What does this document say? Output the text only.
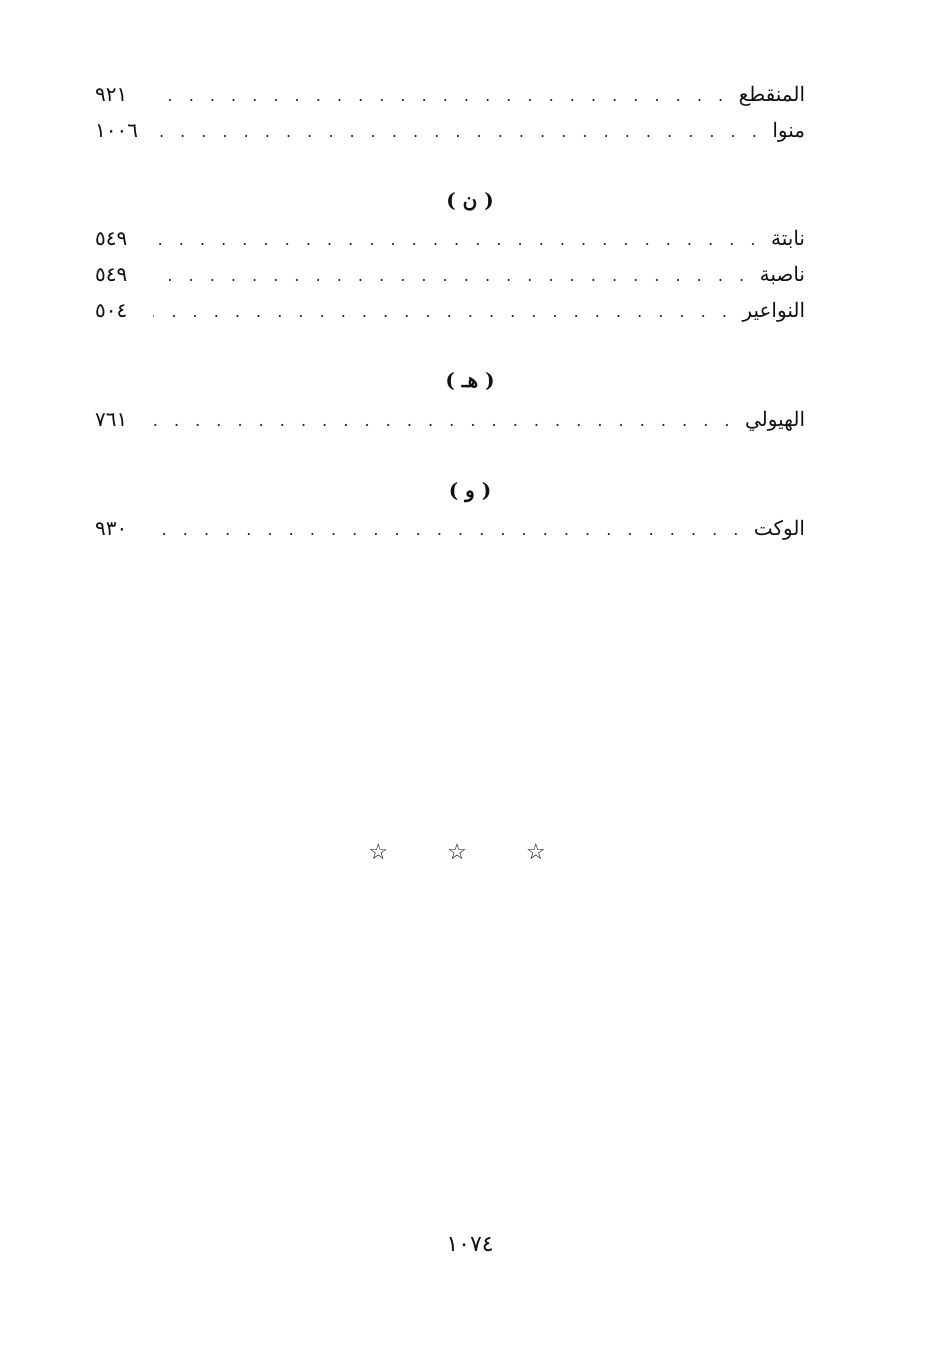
المنقطع
. . .
٩٢١
منوا
. . .
١٠٠٦
( ن )
نابتة
. . .
٥٤٩
ناصبة
. . .
٥٤٩
النواعير
. . .
٥٠٤
( هـ )
الهيولي
. . .
٧٦١
( و )
الوكت
. . .
٩٣٠
☆ ☆ ☆
١٠٧٤
